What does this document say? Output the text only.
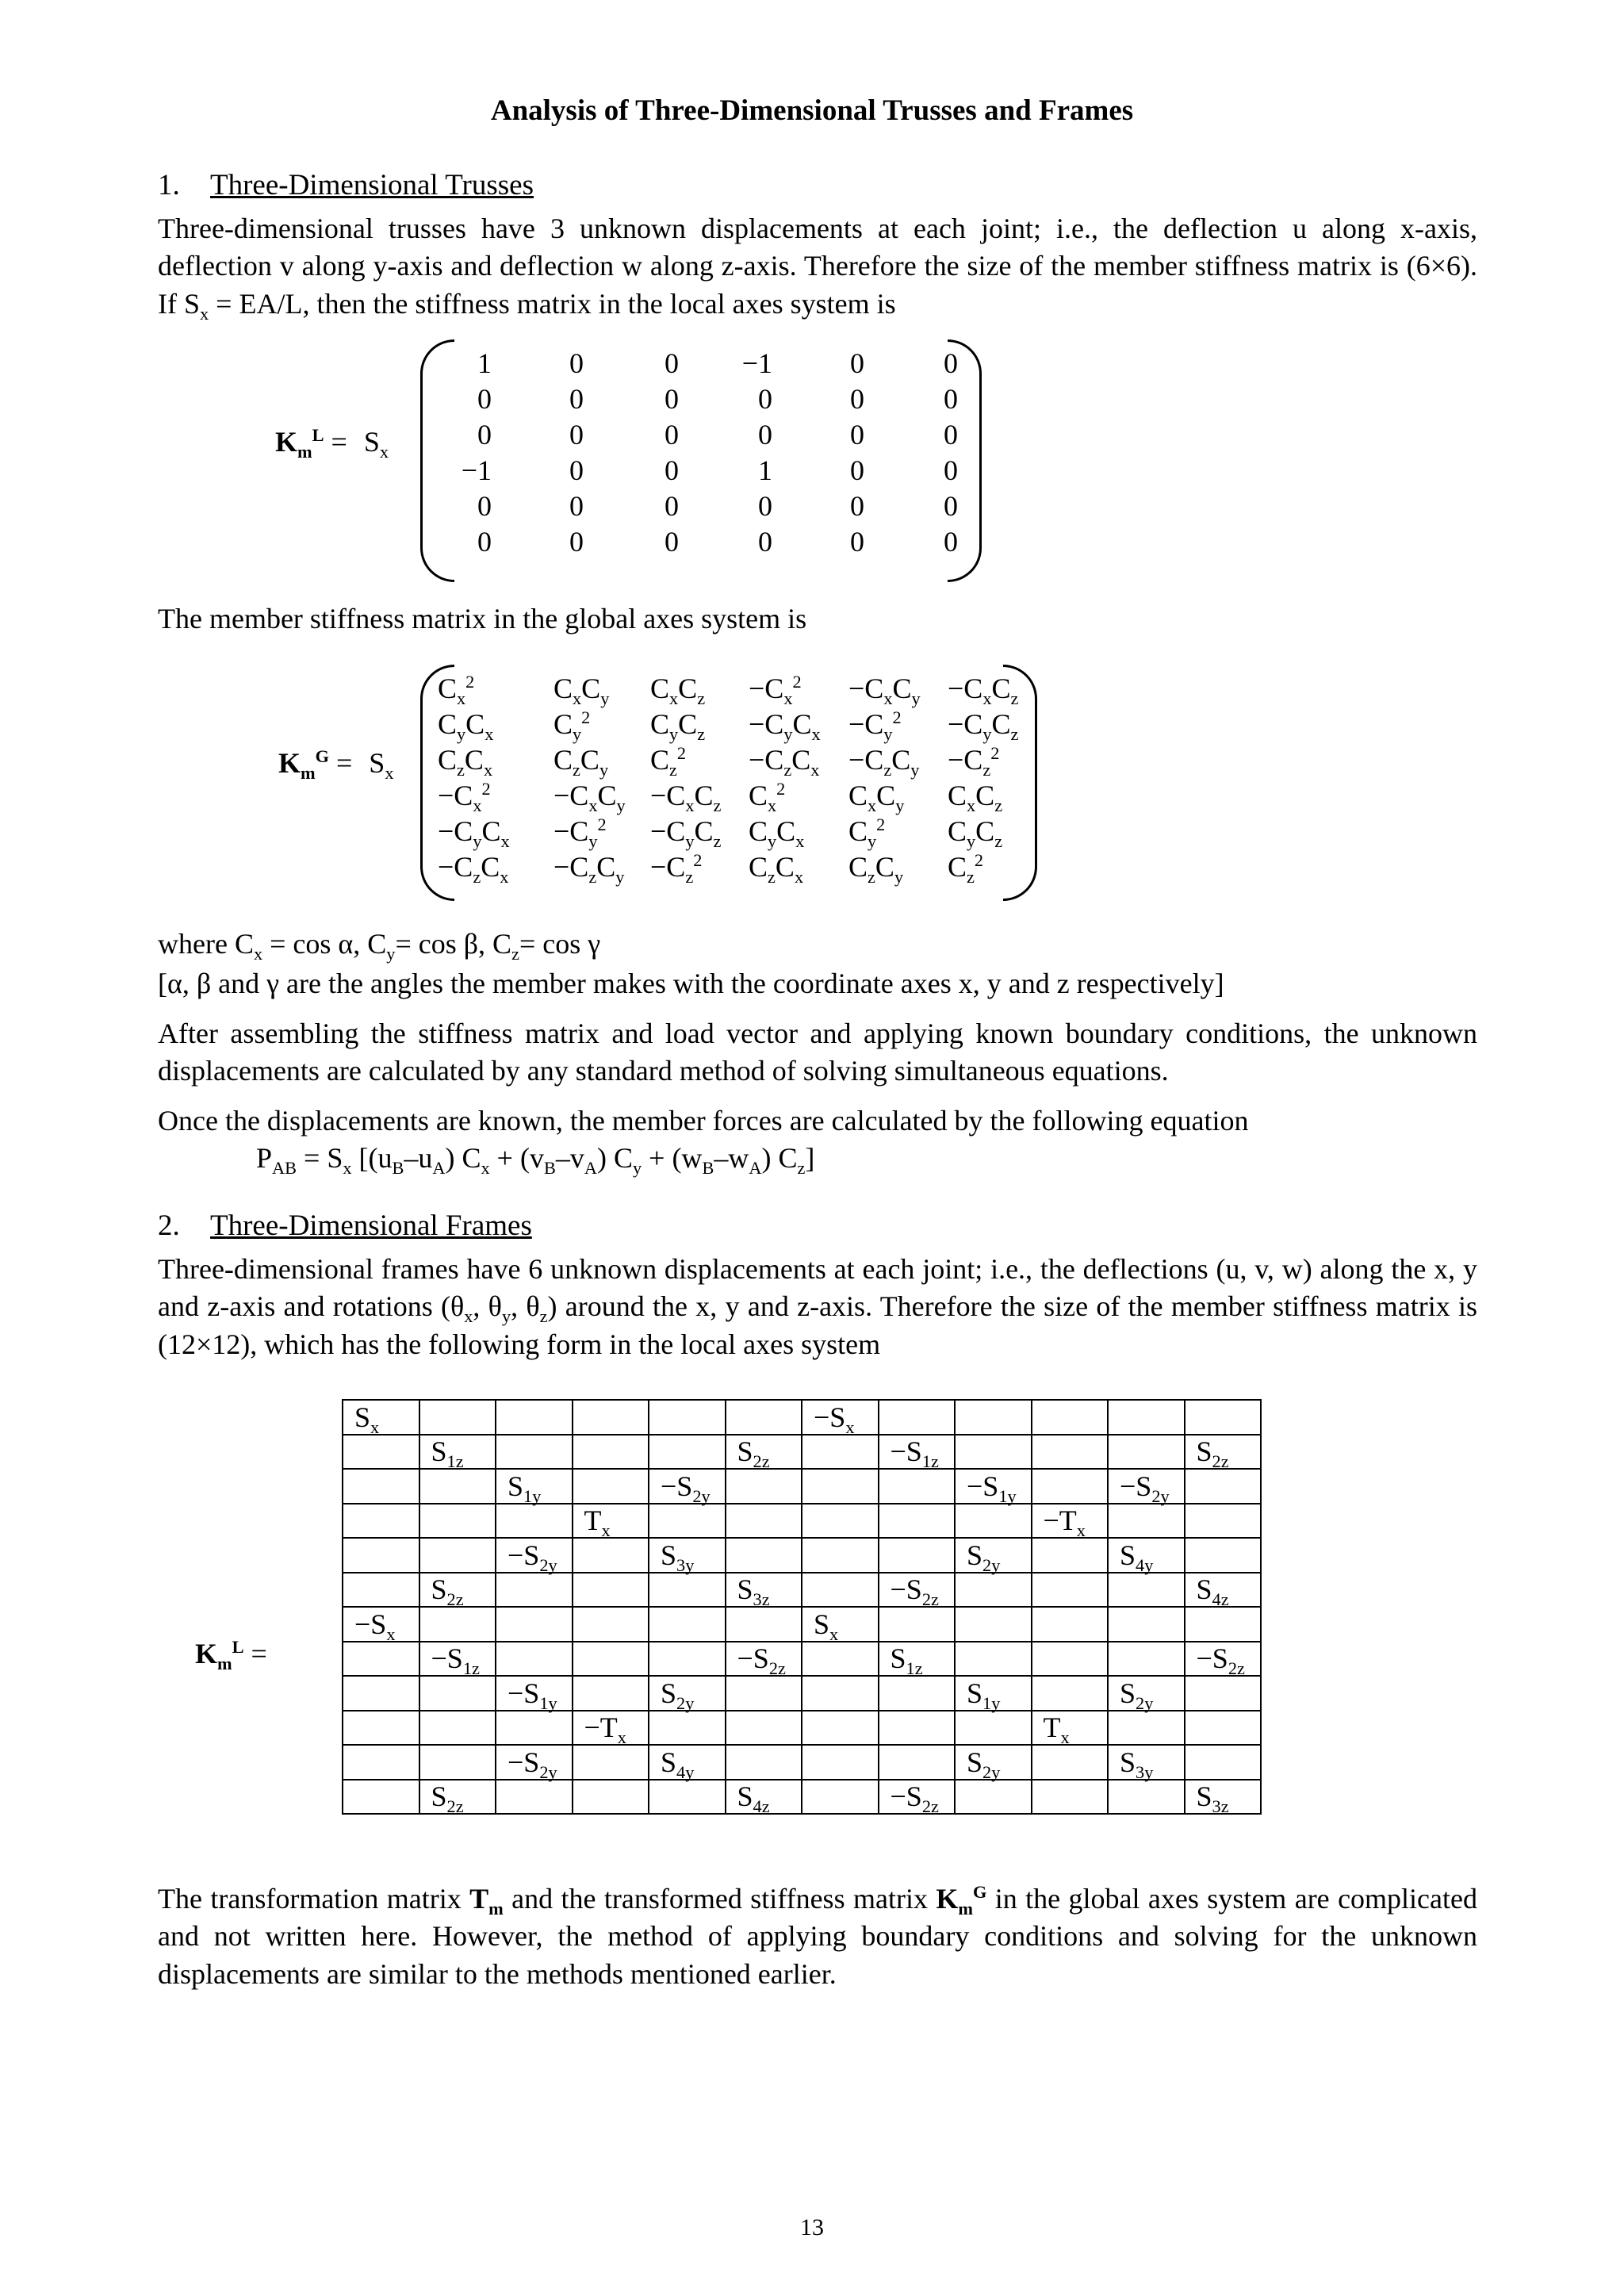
Analysis of Three-Dimensional Trusses and Frames
1. Three-Dimensional Trusses
Three-dimensional trusses have 3 unknown displacements at each joint; i.e., the deflection u along x-axis, deflection v along y-axis and deflection w along z-axis. Therefore the size of the member stiffness matrix is (6×6). If $S_x = EA/L$, then the stiffness matrix in the local axes system is
$K_m^L = S_x$
1	0	0	−1	0	0
0	0	0	0	0	0
0	0	0	0	0	0
−1	0	0	1	0	0
0	0	0	0	0	0
0	0	0	0	0	0
The member stiffness matrix in the global axes system is
$K_m^G = S_x$
$C_x^2$	$C_xC_y$ $C_xC_z -C_x^2 -C_xC_y -C_xC_z$
$C_yC_x$ $C_y^2$ $C_yC_z -C_yC_x -C_y^2 -C_yC_z$
$C_zC_x$ $C_zC_y$ $C_z^2 -C_zC_x -C_zC_y -C_z^2$
$-C_x^2 -C_xC_y -C_xC_z$ $C_x^2$ $C_xC_y$ $C_xC_z$
$-C_yC_x -C_y^2 -C_yC_z$ $C_yC_x$ $C_y^2$ $C_yC_z$
$-C_zC_x -C_zC_y -C_z^2$ $C_zC_x$ $C_zC_y$ $C_z^2$
where $C_x = \cos \alpha$, $C_y= \cos \beta$, $C_z= \cos \gamma$
[α, β and γ are the angles the member makes with the coordinate axes x, y and z respectively]
After assembling the stiffness matrix and load vector and applying known boundary conditions, the unknown displacements are calculated by any standard method of solving simultaneous equations.
Once the displacements are known, the member forces are calculated by the following equation
$P_{AB} = S_x$ [$(u_B-u_A) C_x + (v_B-v_A) C_y + (w_B-w_A)$ $C_z$]
2. Three-Dimensional Frames
Three-dimensional frames have 6 unknown displacements at each joint; i.e., the deflections (u, v, w) along the x, y and z-axis and rotations ($\theta_x$, $\theta_y$, $\theta_z$) around the x, y and z-axis. Therefore the size of the member stiffness matrix is (12×12), which has the following form in the local axes system
$K_m^L$ =
$S_x$						$-S_x$					
	$S_{1z}$				$S_{2z}$		$-S_{1z}$				$S_{2z}$
		$S_{1y}$		$-S_{2y}$				$-S_{1y}$		$-S_{2y}$	
			$T_x$						$-T_x$		
		$-S_{2y}$		$S_{3y}$				$S_{2y}$		$S_{4y}$	
	$S_{2z}$				$S_{3z}$		$-S_{2z}$				$S_{4z}$
$-S_x$						$S_x$					
	$-S_{1z}$				$-S_{2z}$		$S_{1z}$				$-S_{2z}$
		$-S_{1y}$		$S_{2y}$				$S_{1y}$		$S_{2y}$	
			$-T_x$						$T_x$		
		$-S_{2y}$		$S_{4y}$				$S_{2y}$		$S_{3y}$	
	$S_{2z}$				$S_{4z}$		$-S_{2z}$				$S_{3z}$
The transformation matrix $T_m$ and the transformed stiffness matrix $K_m^G$ in the global axes system are complicated and not written here. However, the method of applying boundary conditions and solving for the unknown displacements are similar to the methods mentioned earlier.
13
